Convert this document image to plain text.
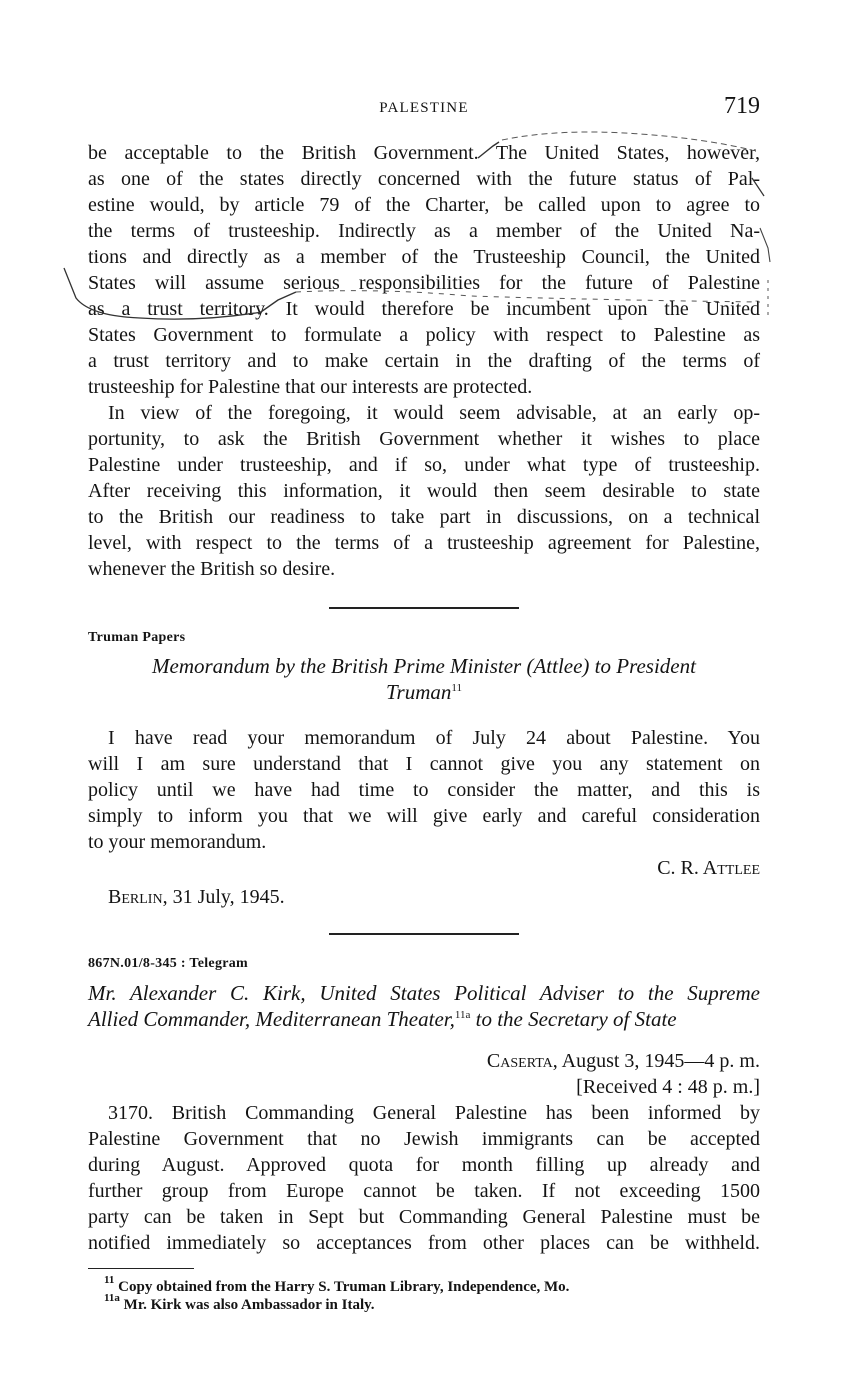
PALESTINE	719

be acceptable to the British Government. The United States, however,
as one of the states directly concerned with the future status of Pal-
estine would, by article 79 of the Charter, be called upon to agree to
the terms of trusteeship. Indirectly as a member of the United Na-
tions and directly as a member of the Trusteeship Council, the United
States will assume serious responsibilities for the future of Palestine
as a trust territory. It would therefore be incumbent upon the United
States Government to formulate a policy with respect to Palestine as
a trust territory and to make certain in the drafting of the terms of
trusteeship for Palestine that our interests are protected.

In view of the foregoing, it would seem advisable, at an early op-
portunity, to ask the British Government whether it wishes to place
Palestine under trusteeship, and if so, under what type of trusteeship.
After receiving this information, it would then seem desirable to state
to the British our readiness to take part in discussions, on a technical
level, with respect to the terms of a trusteeship agreement for Palestine,
whenever the British so desire.

Truman Papers

Memorandum by the British Prime Minister (Attlee) to President
Truman$^{11}$

I have read your memorandum of July 24 about Palestine. You
will I am sure understand that I cannot give you any statement on
policy until we have had time to consider the matter, and this is
simply to inform you that we will give early and careful consideration
to your memorandum.

C. R. Attlee
Berlin, 31 July, 1945.
867N.01/8-345 : Telegram

Mr. Alexander C. Kirk, United States Political Adviser to the Supreme

Allied Commander, Mediterranean Theater,$^{11a}$ to the Secretary of State

Caserta, August 3, 1945—4 p. m.
[Received 4 : 48 p. m.]

3170. British Commanding General Palestine has been informed by
Palestine Government that no Jewish immigrants can be accepted
during August. Approved quota for month filling up already and
further group from Europe cannot be taken. If not exceeding 1500
party can be taken in Sept but Commanding General Palestine must be
notified immediately so acceptances from other places can be withheld.

$^{11}$ Copy obtained from the Harry S. Truman Library, Independence, Mo.
$^{11a}$ Mr. Kirk was also Ambassador in Italy.
